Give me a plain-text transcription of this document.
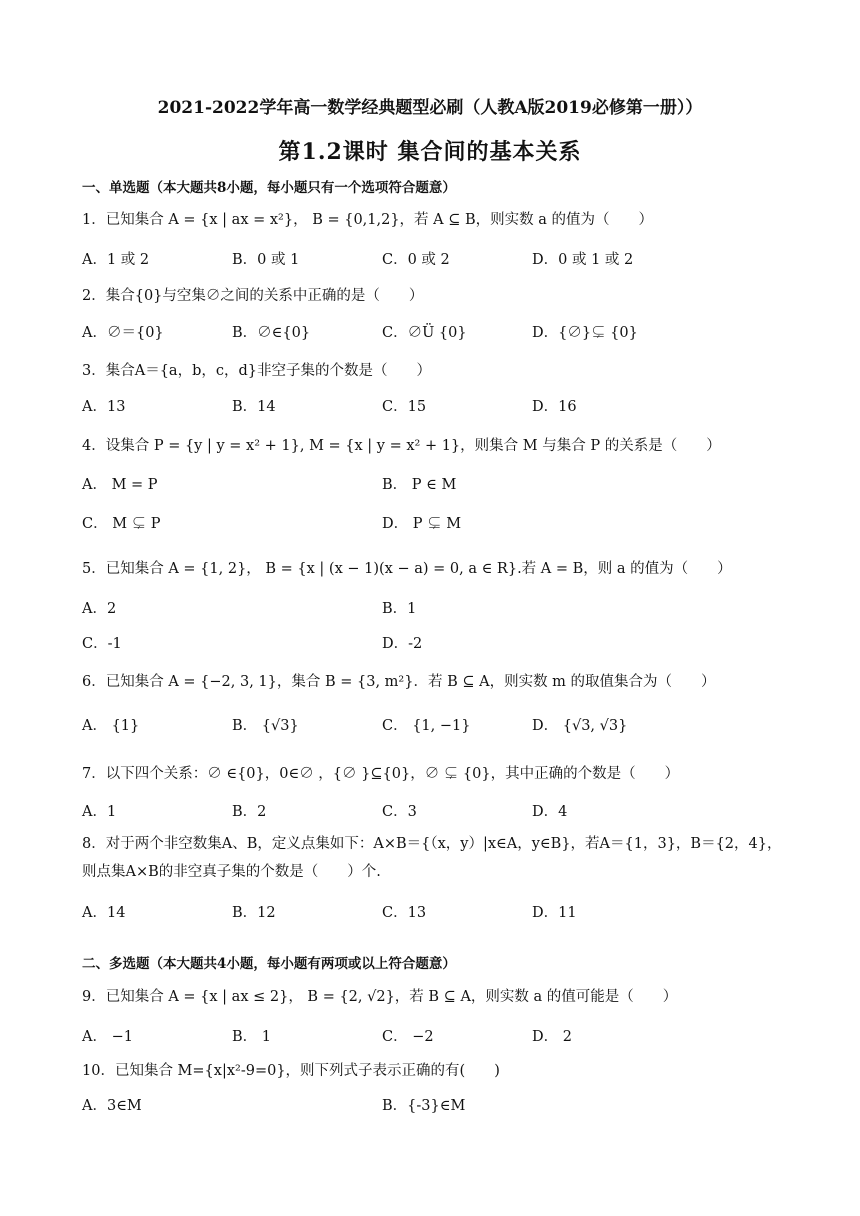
2021-2022学年高一数学经典题型必刷（人教A版2019必修第一册））
第1.2课时 集合间的基本关系
一、单选题（本大题共8小题，每小题只有一个选项符合题意）
1．已知集合 A = {x | ax = x²}， B = {0,1,2}，若 A ⊆ B，则实数 a 的值为（　　）
A．1 或 2	B．0 或 1	C．0 或 2	D．0 或 1 或 2
2．集合{0}与空集∅之间的关系中正确的是（　　）
A．∅＝{0}	B．∅∈{0}	C．∅Ü {0}	D．{∅}⊊ {0}
3．集合A＝{a，b，c，d}非空子集的个数是（　　）
A．13	B．14	C．15	D．16
4．设集合 P = {y | y = x² + 1}, M = {x | y = x² + 1}，则集合 M 与集合 P 的关系是（　　）
A． M = P	B． P ∈ M
C． M ⊊ P	D． P ⊊ M
5．已知集合 A = {1, 2}， B = {x | (x − 1)(x − a) = 0, a ∈ R}.若 A = B，则 a 的值为（　　）
A．2	B．1
C．-1	D．-2
6．已知集合 A = {−2, 3, 1}，集合 B = {3, m²}．若 B ⊆ A，则实数 m 的取值集合为（　　）
A． {1}	B． {√3}	C． {1, −1}	D． {√3, √3}
7．以下四个关系：∅ ∈{0}，0∈∅ ，{∅ }⊆{0}，∅ ⊊ {0}，其中正确的个数是（　　）
A．1	B．2	C．3	D．4
8．对于两个非空数集A、B，定义点集如下：A×B＝{（x，y）|x∈A，y∈B}，若A＝{1，3}，B＝{2，4}，则点集A×B的非空真子集的个数是（　　）个.
A．14	B．12	C．13	D．11
二、多选题（本大题共4小题，每小题有两项或以上符合题意）
9．已知集合 A = {x | ax ≤ 2}， B = {2, √2}，若 B ⊆ A，则实数 a 的值可能是（　　）
A． −1	B． 1	C． −2	D． 2
10．已知集合 M={x|x²-9=0}，则下列式子表示正确的有(　　)
A．3∈M	B．{-3}∈M
